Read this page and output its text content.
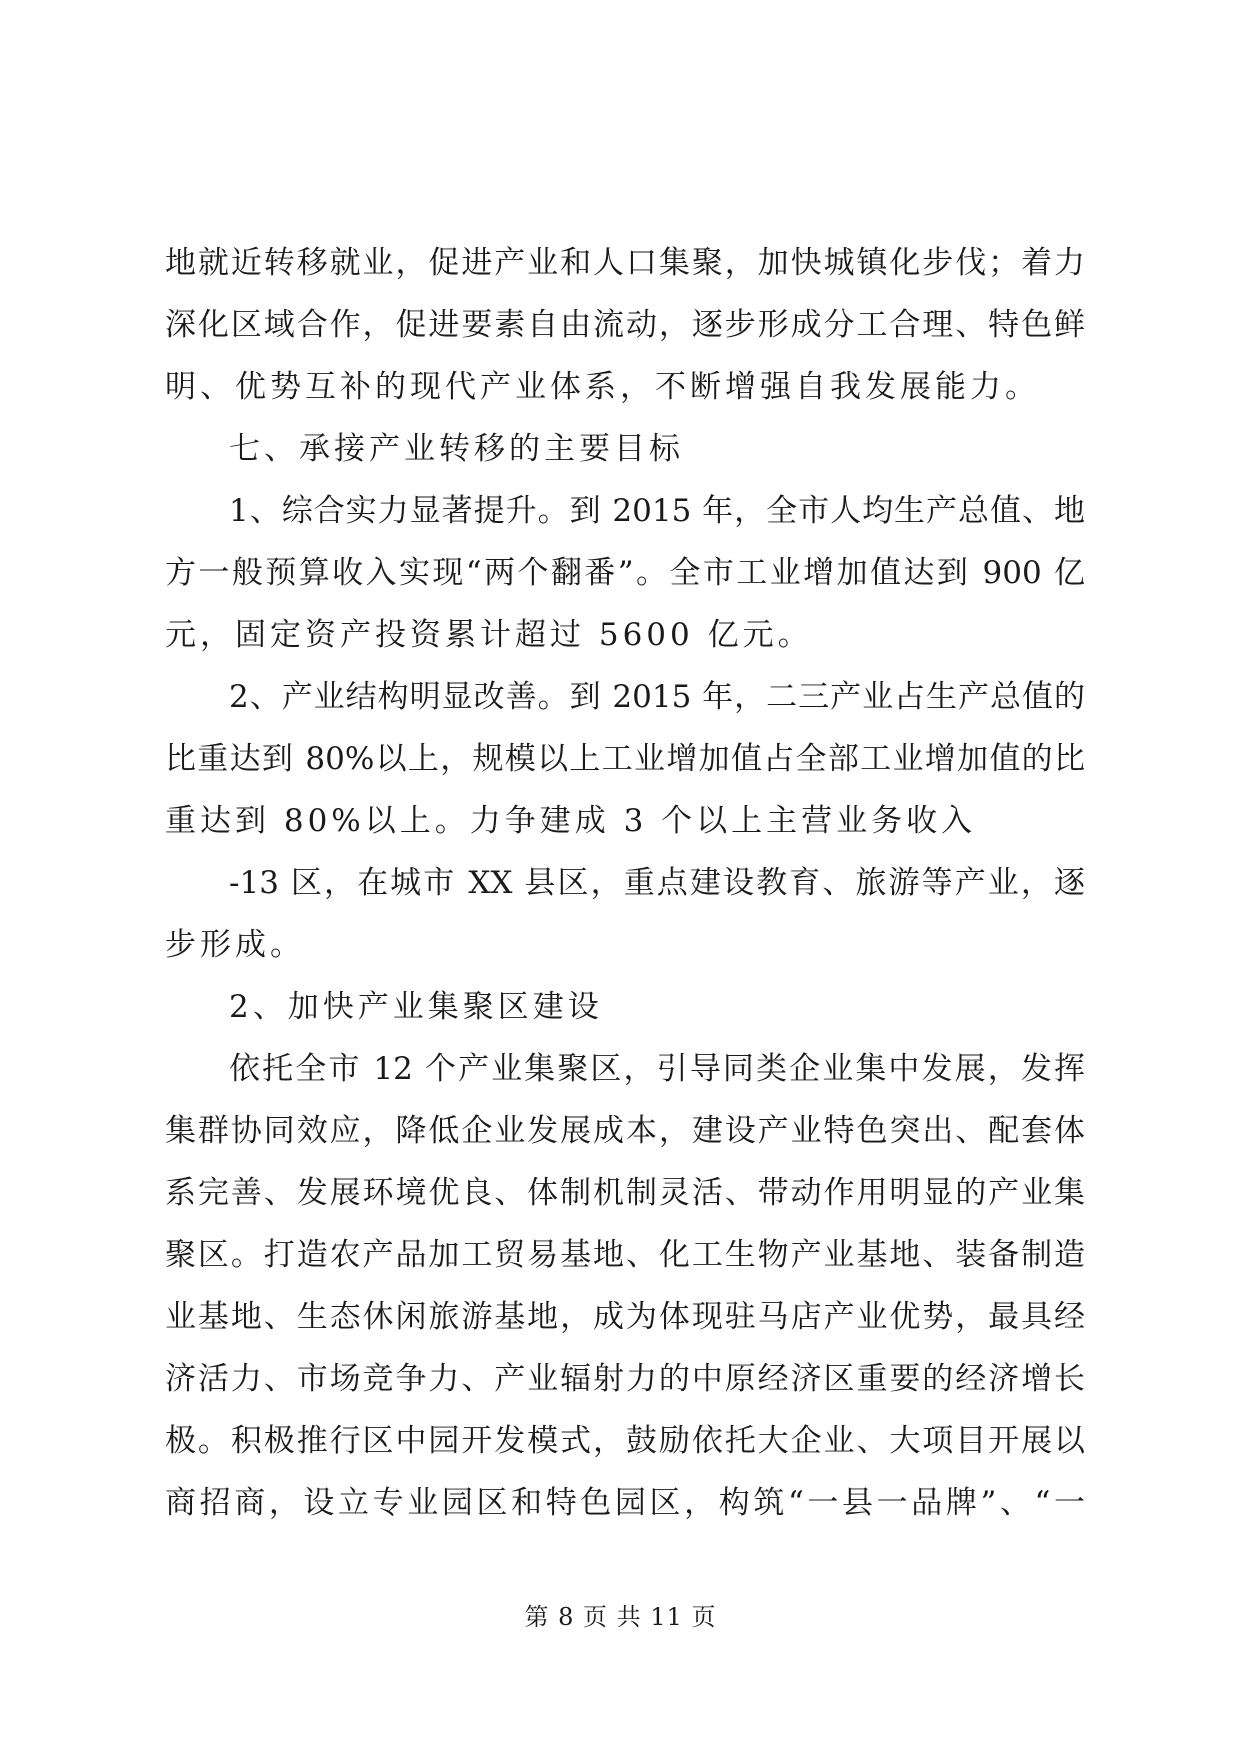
地就近转移就业，促进产业和人口集聚，加快城镇化步伐；着力
深化区域合作，促进要素自由流动，逐步形成分工合理、特色鲜
明、优势互补的现代产业体系，不断增强自我发展能力。
七、承接产业转移的主要目标
1、综合实力显著提升。到 2015 年，全市人均生产总值、地
方一般预算收入实现“两个翻番”。全市工业增加值达到 900 亿
元，固定资产投资累计超过 5600 亿元。
2、产业结构明显改善。到 2015 年，二三产业占生产总值的
比重达到 80%以上，规模以上工业增加值占全部工业增加值的比
重达到 80%以上。力争建成 3 个以上主营业务收入
-13 区，在城市 XX 县区，重点建设教育、旅游等产业，逐
步形成。
2、加快产业集聚区建设
依托全市 12 个产业集聚区，引导同类企业集中发展，发挥
集群协同效应，降低企业发展成本，建设产业特色突出、配套体
系完善、发展环境优良、体制机制灵活、带动作用明显的产业集
聚区。打造农产品加工贸易基地、化工生物产业基地、装备制造
业基地、生态休闲旅游基地，成为体现驻马店产业优势，最具经
济活力、市场竞争力、产业辐射力的中原经济区重要的经济增长
极。积极推行区中园开发模式，鼓励依托大企业、大项目开展以
商招商，设立专业园区和特色园区，构筑“一县一品牌”、“一
第 8 页 共 11 页
